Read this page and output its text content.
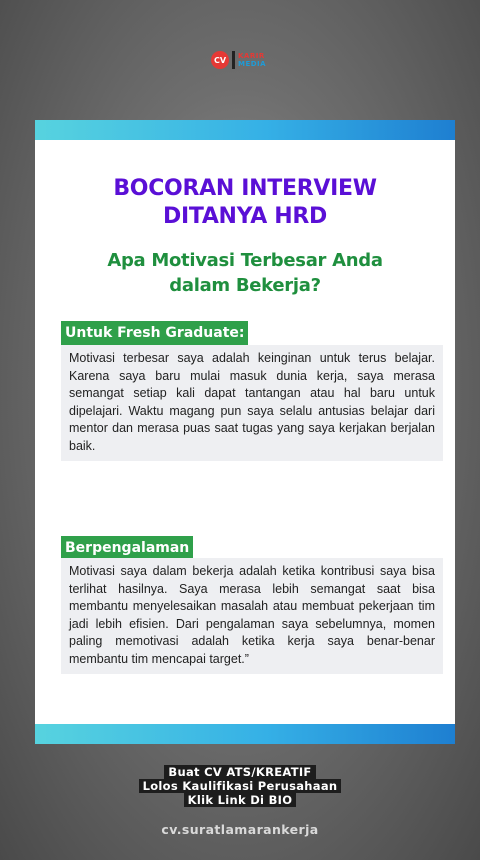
CV	KARIR
MEDIA
BOCORAN INTERVIEW DITANYA HRD
Apa Motivasi Terbesar Anda dalam Bekerja?
Untuk Fresh Graduate:
Motivasi terbesar saya adalah keinginan untuk terus belajar. Karena saya baru mulai masuk dunia kerja, saya merasa semangat setiap kali dapat tantangan atau hal baru untuk dipelajari. Waktu magang pun saya selalu antusias belajar dari mentor dan merasa puas saat tugas yang saya kerjakan berjalan baik.
Berpengalaman
Motivasi saya dalam bekerja adalah ketika kontribusi saya bisa terlihat hasilnya. Saya merasa lebih semangat saat bisa membantu menyelesaikan masalah atau membuat pekerjaan tim jadi lebih efisien. Dari pengalaman saya sebelumnya, momen paling memotivasi adalah ketika kerja saya benar-benar membantu tim mencapai target.”
Buat CV ATS/KREATIF
Lolos Kaulifikasi Perusahaan
Klik Link Di BIO
cv.suratlamarankerja
